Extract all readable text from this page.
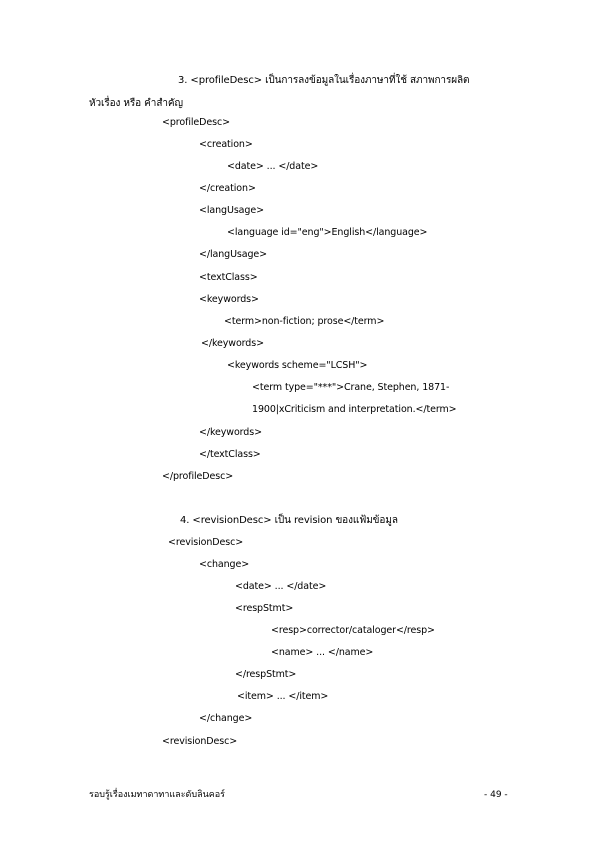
3. <profileDesc> เป็นการลงข้อมูลในเรื่องภาษาที่ใช้ สภาพการผลิต
หัวเรื่อง หรือ คำสำคัญ
<profileDesc>
<creation>
<date> ... </date>
</creation>
<langUsage>
<language id="eng">English</language>
</langUsage>
<textClass>
<keywords>
<term>non-fiction; prose</term>
</keywords>
<keywords scheme="LCSH">
<term type="***">Crane, Stephen, 1871-
1900|xCriticism and interpretation.</term>
</keywords>
</textClass>
</profileDesc>
4. <revisionDesc> เป็น revision ของแฟ้มข้อมูล
<revisionDesc>
<change>
<date> ... </date>
<respStmt>
<resp>corrector/cataloger</resp>
<name> ... </name>
</respStmt>
<item> ... </item>
</change>
<revisionDesc>
รอบรู้เรื่องเมทาดาทาและดับลินคอร์	- 49 -
